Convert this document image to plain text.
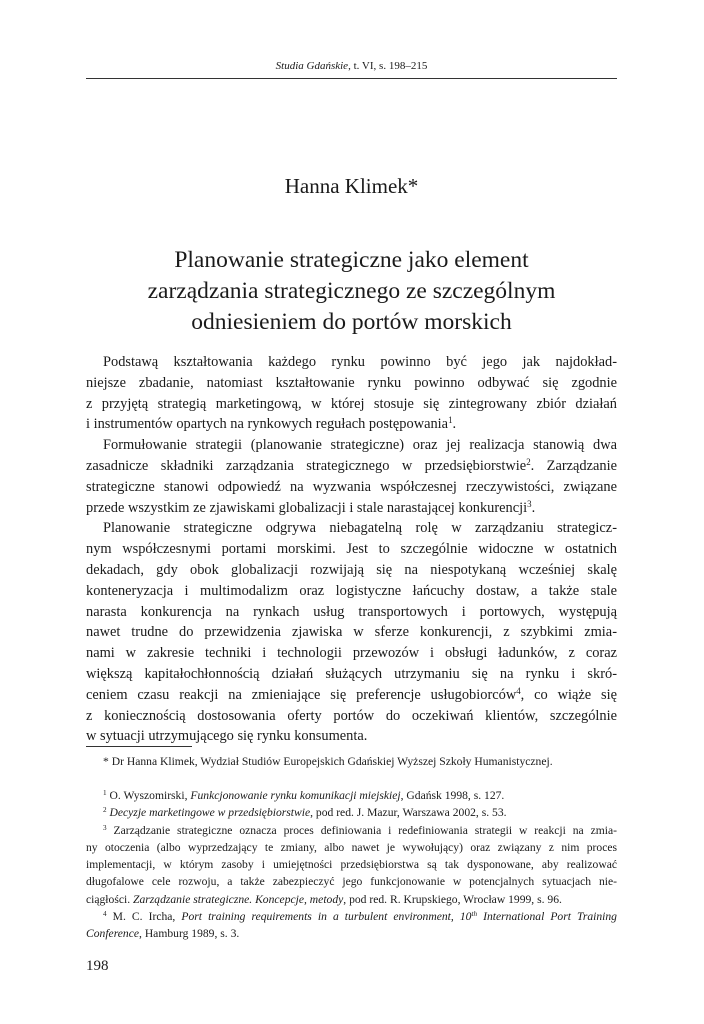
Studia Gdańskie, t. VI, s. 198–215
Hanna Klimek*
Planowanie strategiczne jako element
zarządzania strategicznego ze szczególnym
odniesieniem do portów morskich
Podstawą kształtowania każdego rynku powinno być jego jak najdokład-
niejsze zbadanie, natomiast kształtowanie rynku powinno odbywać się zgodnie
z przyjętą strategią marketingową, w której stosuje się zintegrowany zbiór działań
i instrumentów opartych na rynkowych regułach postępowania$^1$.
Formułowanie strategii (planowanie strategiczne) oraz jej realizacja stanowią dwa
zasadnicze składniki zarządzania strategicznego w przedsiębiorstwie$^2$. Zarządzanie
strategiczne stanowi odpowiedź na wyzwania współczesnej rzeczywistości, związane
przede wszystkim ze zjawiskami globalizacji i stale narastającej konkurencji$^3$.
Planowanie strategiczne odgrywa niebagatelną rolę w zarządzaniu strategicz-
nym współczesnymi portami morskimi. Jest to szczególnie widoczne w ostatnich
dekadach, gdy obok globalizacji rozwijają się na niespotykaną wcześniej skalę
konteneryzacja i multimodalizm oraz logistyczne łańcuchy dostaw, a także stale
narasta konkurencja na rynkach usług transportowych i portowych, występują
nawet trudne do przewidzenia zjawiska w sferze konkurencji, z szybkimi zmia-
nami w zakresie techniki i technologii przewozów i obsługi ładunków, z coraz
większą kapitałochłonnością działań służących utrzymaniu się na rynku i skró-
ceniem czasu reakcji na zmieniające się preferencje usługobiorców$^4$, co wiąże się
z koniecznością dostosowania oferty portów do oczekiwań klientów, szczególnie
w sytuacji utrzymującego się rynku konsumenta.
* Dr Hanna Klimek, Wydział Studiów Europejskich Gdańskiej Wyższej Szkoły Humanistycznej.
$^1$ O. Wyszomirski, Funkcjonowanie rynku komunikacji miejskiej, Gdańsk 1998, s. 127.
$^2$ Decyzje marketingowe w przedsiębiorstwie, pod red. J. Mazur, Warszawa 2002, s. 53.
$^3$ Zarządzanie strategiczne oznacza proces definiowania i redefiniowania strategii w reakcji na zmia-
ny otoczenia (albo wyprzedzający te zmiany, albo nawet je wywołujący) oraz związany z nim proces
implementacji, w którym zasoby i umiejętności przedsiębiorstwa są tak dysponowane, aby realizować
długofalowe cele rozwoju, a także zabezpieczyć jego funkcjonowanie w potencjalnych sytuacjach nie-
ciągłości. Zarządzanie strategiczne. Koncepcje, metody, pod red. R. Krupskiego, Wrocław 1999, s. 96.
$^4$ M. C. Ircha, Port training requirements in a turbulent environment, 10th International Port Training
Conference, Hamburg 1989, s. 3.
198
